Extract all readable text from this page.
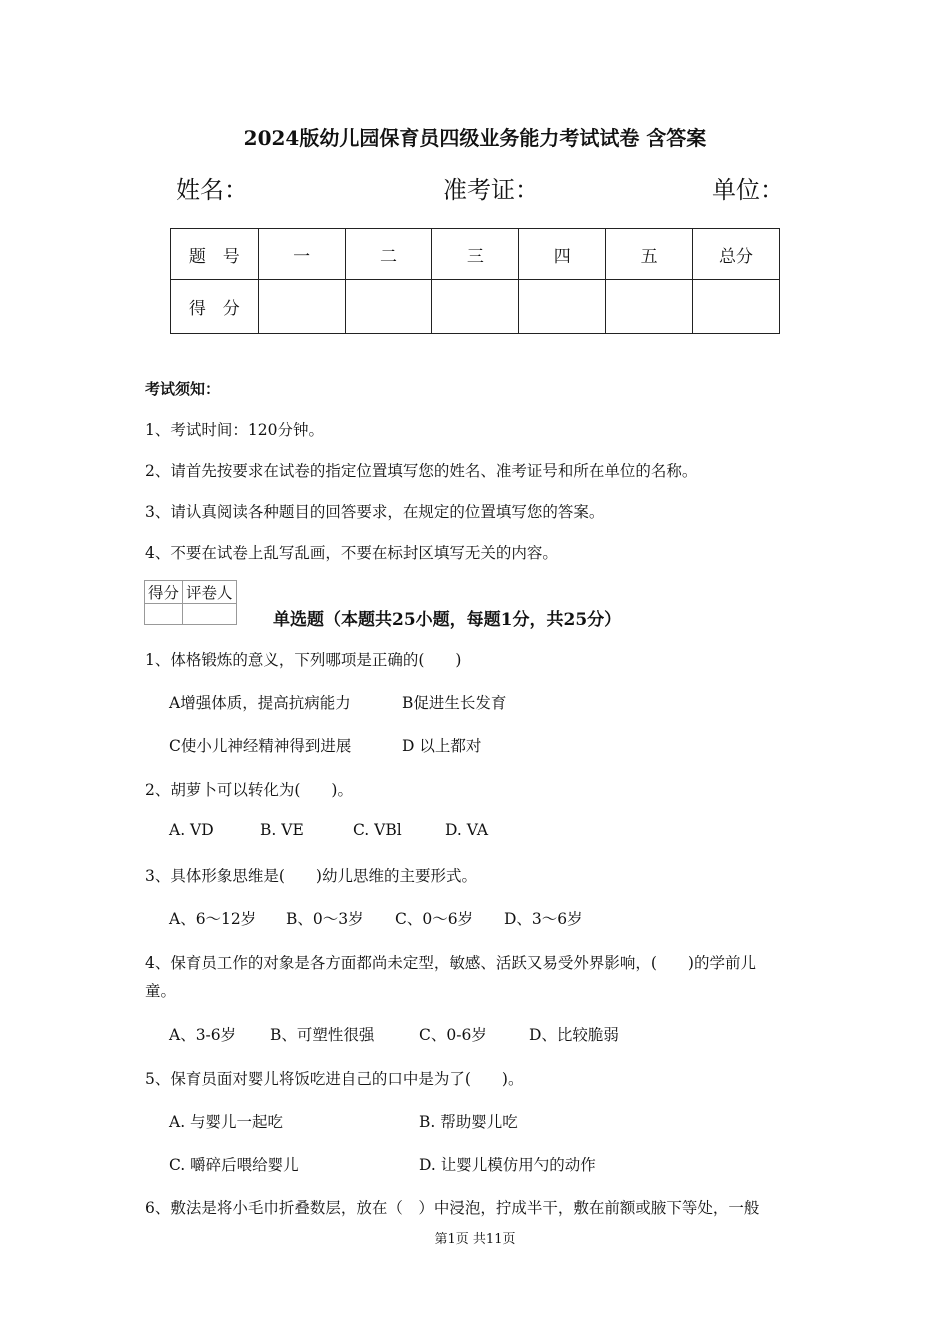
2024版幼儿园保育员四级业务能力考试试卷 含答案
姓名：	准考证：	单位：
题　号	一	二	三	四	五	总分
得　分						
考试须知：
1、考试时间：120分钟。
2、请首先按要求在试卷的指定位置填写您的姓名、准考证号和所在单位的名称。
3、请认真阅读各种题目的回答要求，在规定的位置填写您的答案。
4、不要在试卷上乱写乱画，不要在标封区填写无关的内容。
得分	评卷人

单选题（本题共25小题，每题1分，共25分）
1、体格锻炼的意义，下列哪项是正确的(　　)
A增强体质，提高抗病能力	B促进生长发育
C使小儿神经精神得到进展	D 以上都对
2、胡萝卜可以转化为(　　)。
A. VD	B. VE	C. VBl	D. VA
3、具体形象思维是(　　)幼儿思维的主要形式。
A、6～12岁 B、0～3岁 C、0～6岁 D、3～6岁
4、保育员工作的对象是各方面都尚未定型，敏感、活跃又易受外界影响，(　　)的学前儿
童。
A、3-6岁 B、可塑性很强	C、0-6岁	D、比较脆弱
5、保育员面对婴儿将饭吃进自己的口中是为了(　　)。
A. 与婴儿一起吃	B. 帮助婴儿吃
C. 嚼碎后喂给婴儿	D. 让婴儿模仿用勺的动作
6、敷法是将小毛巾折叠数层，放在（　）中浸泡，拧成半干，敷在前额或腋下等处，一般
第1页 共11页
